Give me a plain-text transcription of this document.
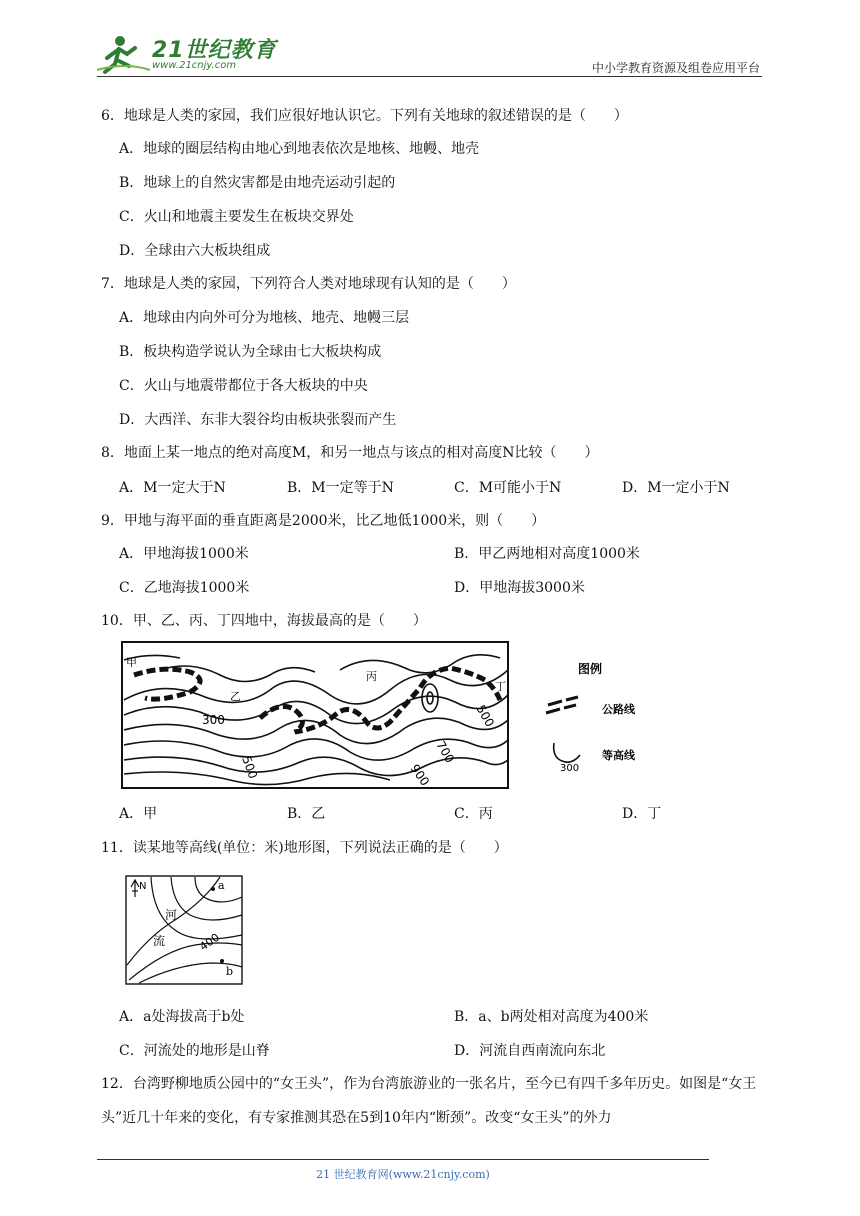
21世纪教育
www.21cnjy.com	中小学教育资源及组卷应用平台
6．地球是人类的家园，我们应很好地认识它。下列有关地球的叙述错误的是（　　）
A．地球的圈层结构由地心到地表依次是地核、地幔、地壳
B．地球上的自然灾害都是由地壳运动引起的
C．火山和地震主要发生在板块交界处
D．全球由六大板块组成
7．地球是人类的家园，下列符合人类对地球现有认知的是（　　）
A．地球由内向外可分为地核、地壳、地幔三层
B．板块构造学说认为全球由七大板块构成
C．火山与地震带都位于各大板块的中央
D．大西洋、东非大裂谷均由板块张裂而产生
8．地面上某一地点的绝对高度M，和另一地点与该点的相对高度N比较（　　）
A．M一定大于N	B．M一定等于N	C．M可能小于N	D．M一定小于N
9．甲地与海平面的垂直距离是2000米，比乙地低1000米，则（　　）
A．甲地海拔1000米	B．甲乙两地相对高度1000米
C．乙地海拔1000米	D．甲地海拔3000米
10．甲、乙、丙、丁四地中，海拔最高的是（　　）
甲
乙
丙
丁
300
500
500
700
900
图例
公路线
300
等高线
A．甲	B．乙	C．丙	D．丁
11．读某地等高线(单位：米)地形图，下列说法正确的是（　　）
N	a
b
河
流	400
A．a处海拔高于b处	B．a、b两处相对高度为400米
C．河流处的地形是山脊	D．河流自西南流向东北
12．台湾野柳地质公园中的“女王头”，作为台湾旅游业的一张名片，至今已有四千多年历史。如图是“女王头”近几十年来的变化，有专家推测其恐在5到10年内“断颈”。改变“女王头”的外力
21 世纪教育网(www.21cnjy.com)
